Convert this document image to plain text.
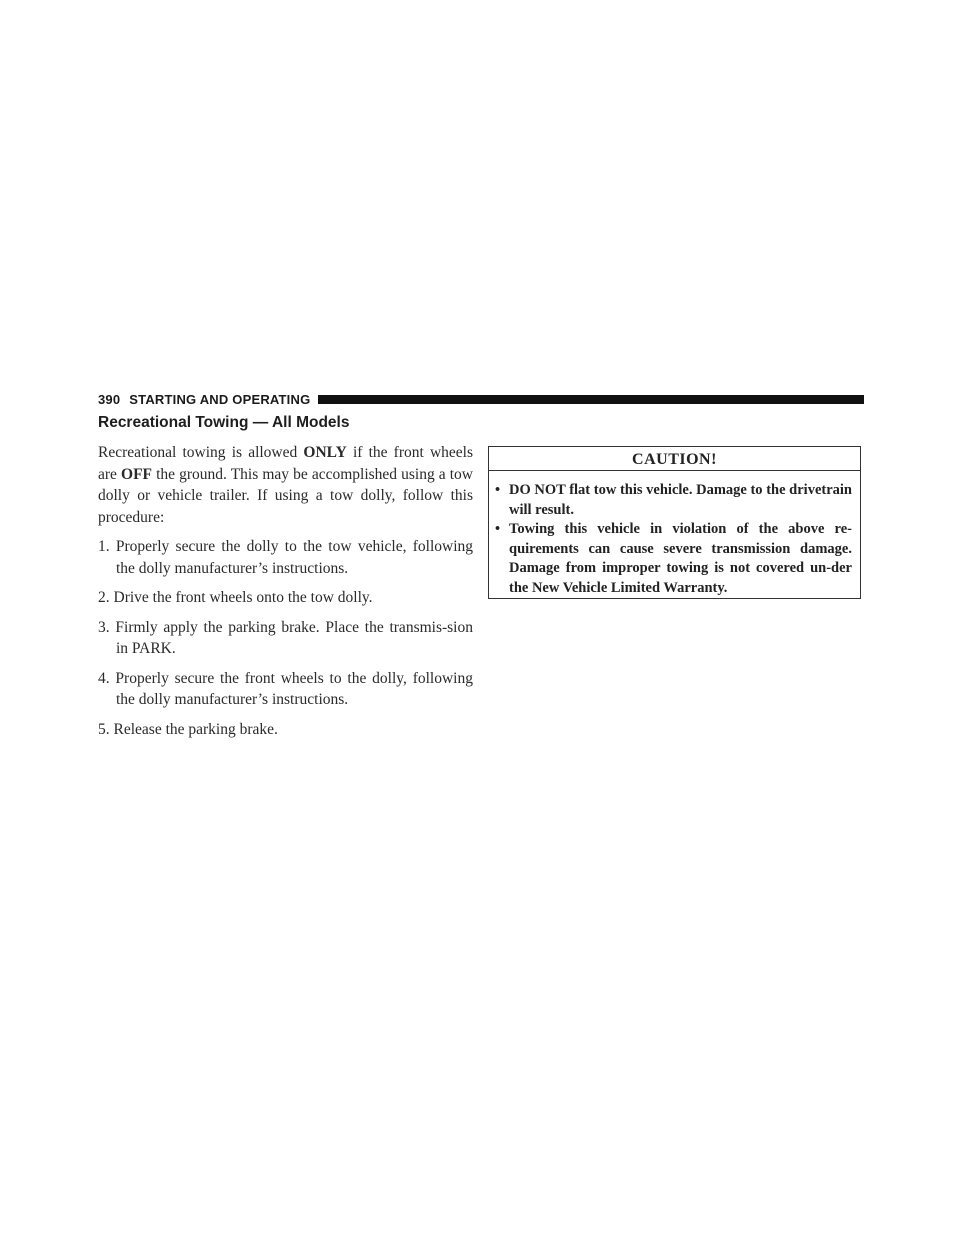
390 STARTING AND OPERATING
Recreational Towing — All Models

Recreational towing is allowed ONLY if the front wheels are OFF the ground. This may be accomplished using a tow dolly or vehicle trailer. If using a tow dolly, follow this procedure:

1. Properly secure the dolly to the tow vehicle, following the dolly manufacturer’s instructions.
2. Drive the front wheels onto the tow dolly.
3. Firmly apply the parking brake. Place the transmis-sion in PARK.
4. Properly secure the front wheels to the dolly, following the dolly manufacturer’s instructions.
5. Release the parking brake.
CAUTION!
• DO NOT flat tow this vehicle. Damage to the drivetrain will result.
• Towing this vehicle in violation of the above re-quirements can cause severe transmission damage. Damage from improper towing is not covered un-der the New Vehicle Limited Warranty.
